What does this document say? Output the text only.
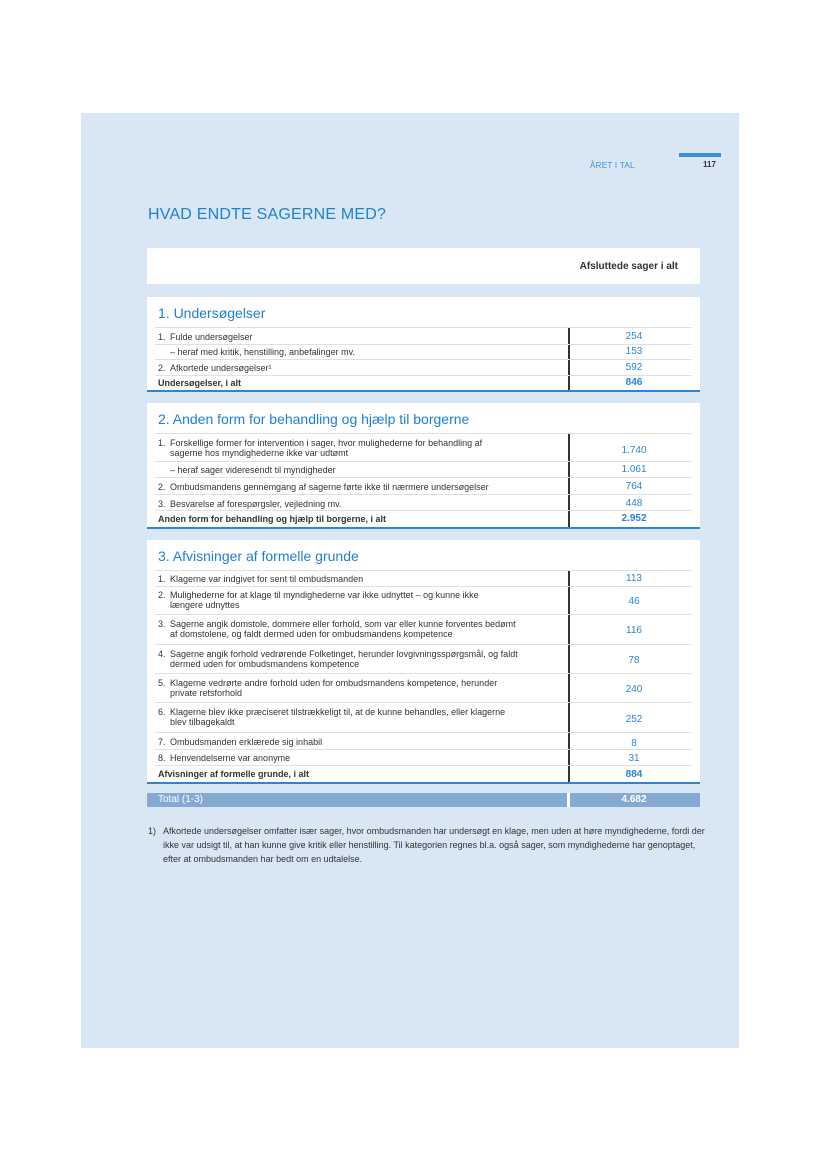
ÅRET I TAL	117
HVAD ENDTE SAGERNE MED?
Afsluttede sager i alt
1. Undersøgelser
1. Fulde undersøgelser	254
– heraf med kritik, henstilling, anbefalinger mv.	153
2. Afkortede undersøgelser¹	592
Undersøgelser, i alt	846
2. Anden form for behandling og hjælp til borgerne
1. Forskellige former for intervention i sager, hvor mulighederne for behandling af
sagerne hos myndighederne ikke var udtømt	1.740
– heraf sager videresendt til myndigheder	1.061
2. Ombudsmandens gennemgang af sagerne førte ikke til nærmere undersøgelser	764
3. Besvarelse af forespørgsler, vejledning mv.	448
Anden form for behandling og hjælp til borgerne, i alt	2.952
3. Afvisninger af formelle grunde
1. Klagerne var indgivet for sent til ombudsmanden	113
2. Mulighederne for at klage til myndighederne var ikke udnyttet – og kunne ikke
længere udnyttes	46
3. Sagerne angik domstole, dommere eller forhold, som var eller kunne forventes bedømt
af domstolene, og faldt dermed uden for ombudsmandens kompetence	116
4. Sagerne angik forhold vedrørende Folketinget, herunder lovgivningsspørgsmål, og faldt
dermed uden for ombudsmandens kompetence	78
5. Klagerne vedrørte andre forhold uden for ombudsmandens kompetence, herunder
private retsforhold	240
6. Klagerne blev ikke præciseret tilstrækkeligt til, at de kunne behandles, eller klagerne
blev tilbagekaldt	252
7. Ombudsmanden erklærede sig inhabil	8
8. Henvendelserne var anonyme	31
Afvisninger af formelle grunde, i alt	884
Total (1-3)	4.682
1) Afkortede undersøgelser omfatter især sager, hvor ombudsmanden har undersøgt en klage, men uden at høre myndighederne, fordi der ikke var udsigt til, at han kunne give kritik eller henstilling. Til kategorien regnes bl.a. også sager, som myndighederne har genoptaget, efter at ombudsmanden har bedt om en udtalelse.
